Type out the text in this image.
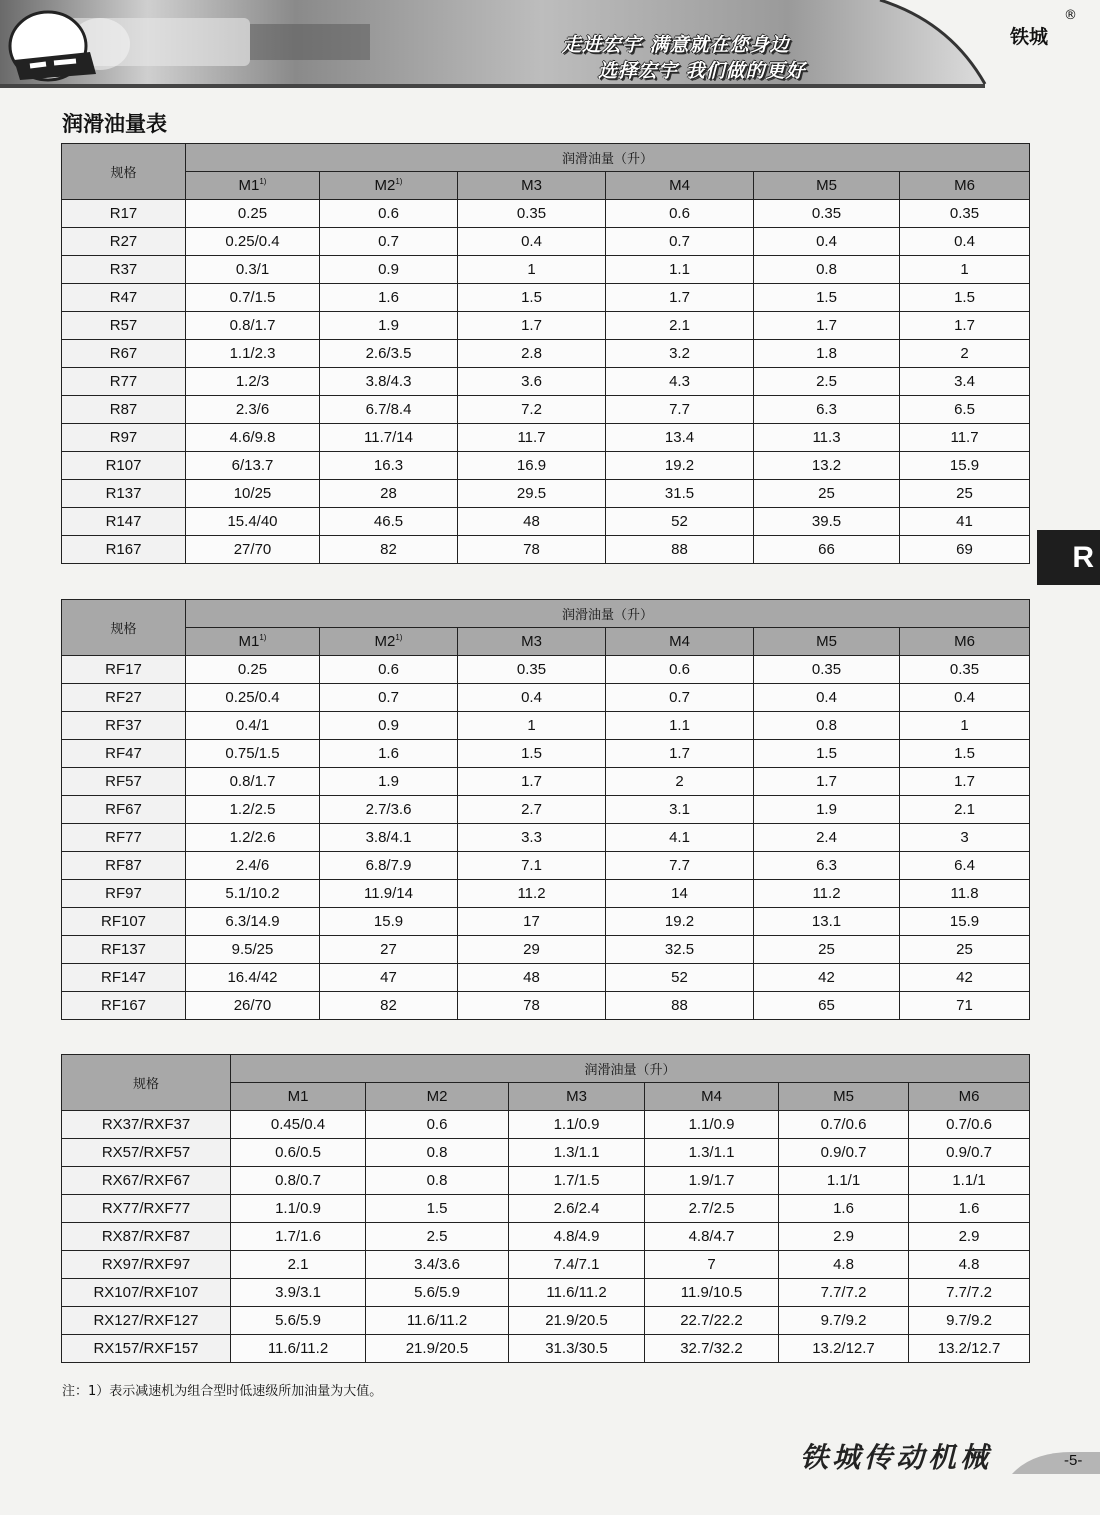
走进宏宇 满意就在您身边
选择宏宇 我们做的更好
铁城
®
润滑油量表
规格	润滑油量（升）					
	M1$^{1)}$	M2$^{1)}$	M3	M4	M5	M6
R17	0.25	0.6	0.35	0.6	0.35	0.35
R27	0.25/0.4	0.7	0.4	0.7	0.4	0.4
R37	0.3/1	0.9	1	1.1	0.8	1
R47	0.7/1.5	1.6	1.5	1.7	1.5	1.5
R57	0.8/1.7	1.9	1.7	2.1	1.7	1.7
R67	1.1/2.3	2.6/3.5	2.8	3.2	1.8	2
R77	1.2/3	3.8/4.3	3.6	4.3	2.5	3.4
R87	2.3/6	6.7/8.4	7.2	7.7	6.3	6.5
R97	4.6/9.8	11.7/14	11.7	13.4	11.3	11.7
R107	6/13.7	16.3	16.9	19.2	13.2	15.9
R137	10/25	28	29.5	31.5	25	25
R147	15.4/40	46.5	48	52	39.5	41
R167	27/70	82	78	88	66	69
规格	润滑油量（升）					
	M1$^{1)}$	M2$^{1)}$	M3	M4	M5	M6
RF17	0.25	0.6	0.35	0.6	0.35	0.35
RF27	0.25/0.4	0.7	0.4	0.7	0.4	0.4
RF37	0.4/1	0.9	1	1.1	0.8	1
RF47	0.75/1.5	1.6	1.5	1.7	1.5	1.5
RF57	0.8/1.7	1.9	1.7	2	1.7	1.7
RF67	1.2/2.5	2.7/3.6	2.7	3.1	1.9	2.1
RF77	1.2/2.6	3.8/4.1	3.3	4.1	2.4	3
RF87	2.4/6	6.8/7.9	7.1	7.7	6.3	6.4
RF97	5.1/10.2	11.9/14	11.2	14	11.2	11.8
RF107	6.3/14.9	15.9	17	19.2	13.1	15.9
RF137	9.5/25	27	29	32.5	25	25
RF147	16.4/42	47	48	52	42	42
RF167	26/70	82	78	88	65	71
规格	润滑油量（升）					
	M1	M2	M3	M4	M5	M6
RX37/RXF37	0.45/0.4	0.6	1.1/0.9	1.1/0.9	0.7/0.6	0.7/0.6
RX57/RXF57	0.6/0.5	0.8	1.3/1.1	1.3/1.1	0.9/0.7	0.9/0.7
RX67/RXF67	0.8/0.7	0.8	1.7/1.5	1.9/1.7	1.1/1	1.1/1
RX77/RXF77	1.1/0.9	1.5	2.6/2.4	2.7/2.5	1.6	1.6
RX87/RXF87	1.7/1.6	2.5	4.8/4.9	4.8/4.7	2.9	2.9
RX97/RXF97	2.1	3.4/3.6	7.4/7.1	7	4.8	4.8
RX107/RXF107	3.9/3.1	5.6/5.9	11.6/11.2	11.9/10.5	7.7/7.2	7.7/7.2
RX127/RXF127	5.6/5.9	11.6/11.2	21.9/20.5	22.7/22.2	9.7/9.2	9.7/9.2
RX157/RXF157	11.6/11.2	21.9/20.5	31.3/30.5	32.7/32.2	13.2/12.7	13.2/12.7
R
注：1）表示减速机为组合型时低速级所加油量为大值。
铁城传动机械	-5-
